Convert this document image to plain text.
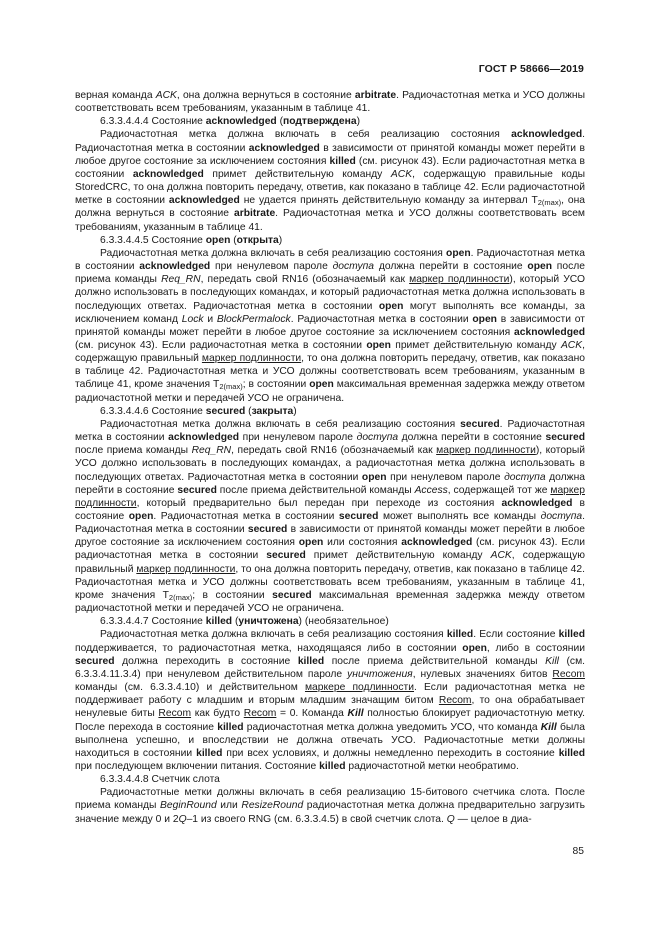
ГОСТ Р 58666—2019

верная команда ACK, она должна вернуться в состояние arbitrate. Радиочастотная метка и УСО должны соответствовать всем требованиям, указанным в таблице 41.

6.3.3.4.4.4 Состояние acknowledged (подтверждена)

Радиочастотная метка должна включать в себя реализацию состояния acknowledged. Радиочастотная метка в состоянии acknowledged в зависимости от принятой команды может перейти в любое другое состояние за исключением состояния killed (см. рисунок 43). Если радиочастотная метка в состоянии acknowledged примет действительную команду ACK, содержащую правильные коды StoredCRC, то она должна повторить передачу, ответив, как показано в таблице 42. Если радиочастотной метке в состоянии acknowledged не удается принять действительную команду за интервал $T_{2(max)}$, она должна вернуться в состояние arbitrate. Радиочастотная метка и УСО должны соответствовать всем требованиям, указанным в таблице 41.

6.3.3.4.4.5 Состояние open (открыта)

Радиочастотная метка должна включать в себя реализацию состояния open. Радиочастотная метка в состоянии acknowledged при ненулевом пароле доступа должна перейти в состояние open после приема команды Req_RN, передать свой RN16 (обозначаемый как маркер подлинности), который УСО должно использовать в последующих командах, и который радиочастотная метка должна использовать в последующих ответах. Радиочастотная метка в состоянии open могут выполнять все команды, за исключением команд Lock и BlockPermalock. Радиочастотная метка в состоянии open в зависимости от принятой команды может перейти в любое другое состояние за исключением состояния acknowledged (см. рисунок 43). Если радиочастотная метка в состоянии open примет действительную команду ACK, содержащую правильный маркер подлинности, то она должна повторить передачу, ответив, как показано в таблице 42. Радиочастотная метка и УСО должны соответствовать всем требованиям, указанным в таблице 41, кроме значения $T_{2(max)}$; в состоянии open максимальная временная задержка между ответом радиочастотной метки и передачей УСО не ограничена.

6.3.3.4.4.6 Состояние secured (закрыта)

Радиочастотная метка должна включать в себя реализацию состояния secured. Радиочастотная метка в состоянии acknowledged при ненулевом пароле доступа должна перейти в состояние secured после приема команды Req_RN, передать свой RN16 (обозначаемый как маркер подлинности), который УСО должно использовать в последующих командах, а радиочастотная метка должна использовать в последующих ответах. Радиочастотная метка в состоянии open при ненулевом пароле доступа должна перейти в состояние secured после приема действительной команды Access, содержащей тот же маркер подлинности, который предварительно был передан при переходе из состояния acknowledged в состояние open. Радиочастотная метка в состоянии secured может выполнять все команды доступа. Радиочастотная метка в состоянии secured в зависимости от принятой команды может перейти в любое другое состояние за исключением состояния open или состояния acknowledged (см. рисунок 43). Если радиочастотная метка в состоянии secured примет действительную команду ACK, содержащую правильный маркер подлинности, то она должна повторить передачу, ответив, как показано в таблице 42. Радиочастотная метка и УСО должны соответствовать всем требованиям, указанным в таблице 41, кроме значения $T_{2(max)}$; в состоянии secured максимальная временная задержка между ответом радиочастотной метки и передачей УСО не ограничена.

6.3.3.4.4.7 Состояние killed (уничтожена) (необязательное)

Радиочастотная метка должна включать в себя реализацию состояния killed. Если состояние killed поддерживается, то радиочастотная метка, находящаяся либо в состоянии open, либо в состоянии secured должна переходить в состояние killed после приема действительной команды Kill (см. 6.3.3.4.11.3.4) при ненулевом действительном пароле уничтожения, нулевых значениях битов Recom команды (см. 6.3.3.4.10) и действительном маркере подлинности. Если радиочастотная метка не поддерживает работу с младшим и вторым младшим значащим битом Recom, то она обрабатывает ненулевые биты Recom как будто Recom = 0. Команда Kill полностью блокирует радиочастотную метку. После перехода в состояние killed радиочастотная метка должна уведомить УСО, что команда Kill была выполнена успешно, и впоследствии не должна отвечать УСО. Радиочастотные метки должны находиться в состоянии killed при всех условиях, и должны немедленно переходить в состояние killed при последующем включении питания. Состояние killed радиочастотной метки необратимо.

6.3.3.4.4.8 Счетчик слота

Радиочастотные метки должны включать в себя реализацию 15-битового счетчика слота. После приема команды BeginRound или ResizeRound радиочастотная метка должна предварительно загрузить значение между 0 и 2Q–1 из своего RNG (см. 6.3.3.4.5) в свой счетчик слота. Q — целое в диа-

85
